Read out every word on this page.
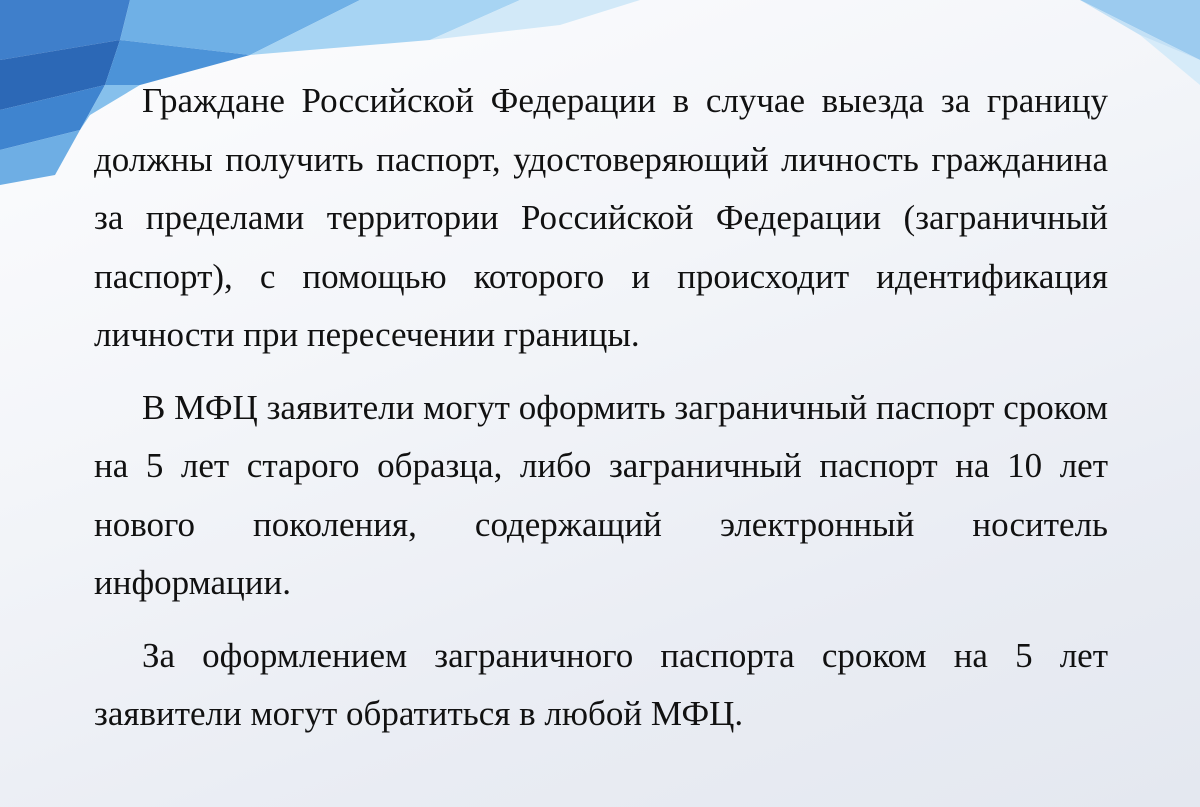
Граждане Российской Федерации в случае выезда за границу должны получить паспорт, удостоверяющий личность гражданина за пределами территории Российской Федерации (заграничный паспорт), с помощью которого и происходит идентификация личности при пересечении границы.

В МФЦ заявители могут оформить заграничный паспорт сроком на 5 лет старого образца, либо заграничный паспорт на 10 лет нового поколения, содержащий электронный носитель информации.

За оформлением заграничного паспорта сроком на 5 лет заявители могут обратиться в любой МФЦ.
